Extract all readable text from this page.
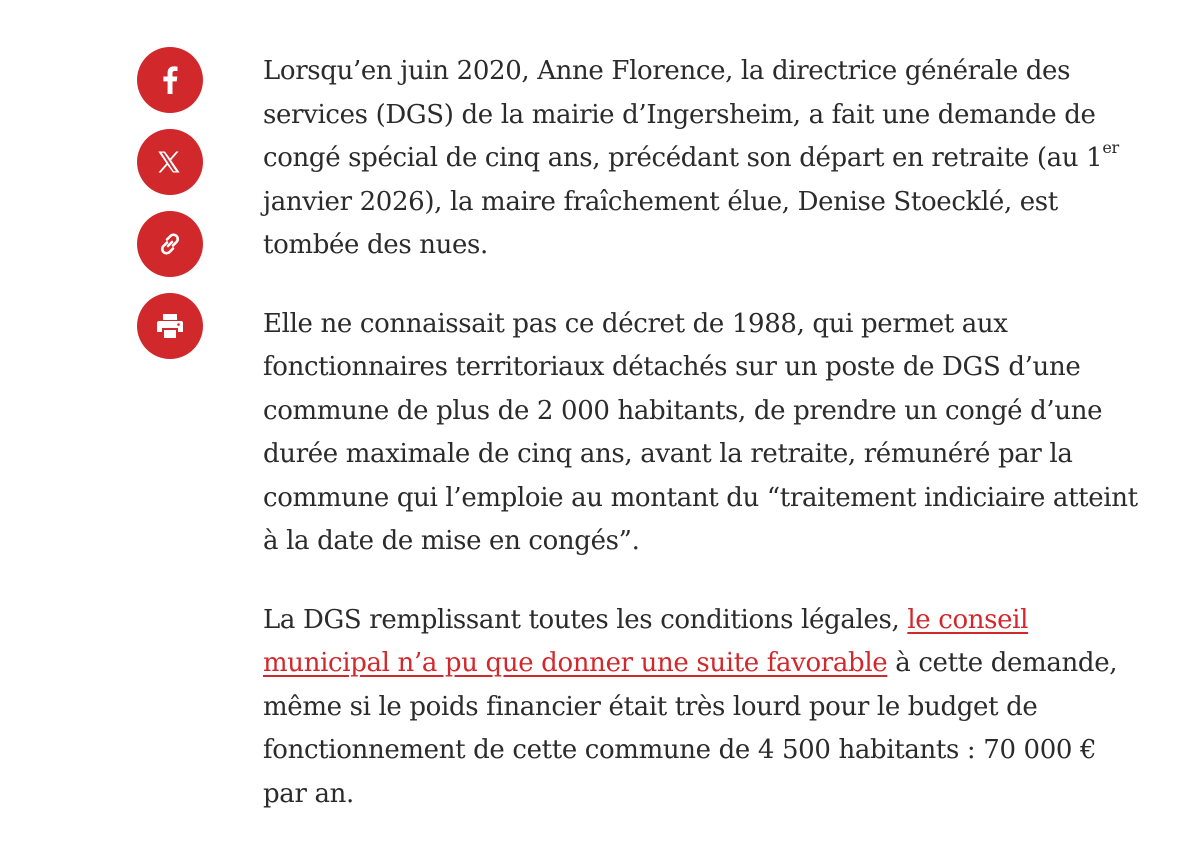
Lorsqu’en juin 2020, Anne Florence, la directrice générale des services (DGS) de la mairie d’Ingersheim, a fait une demande de congé spécial de cinq ans, précédant son départ en retraite (au 1er janvier 2026), la maire fraîchement élue, Denise Stoecklé, est tombée des nues.

Elle ne connaissait pas ce décret de 1988, qui permet aux fonctionnaires territoriaux détachés sur un poste de DGS d’une commune de plus de 2 000 habitants, de prendre un congé d’une durée maximale de cinq ans, avant la retraite, rémunéré par la commune qui l’emploie au montant du “traitement indiciaire atteint à la date de mise en congés”.

La DGS remplissant toutes les conditions légales, le conseil municipal n’a pu que donner une suite favorable à cette demande, même si le poids financier était très lourd pour le budget de fonctionnement de cette commune de 4 500 habitants : 70 000 € par an.
